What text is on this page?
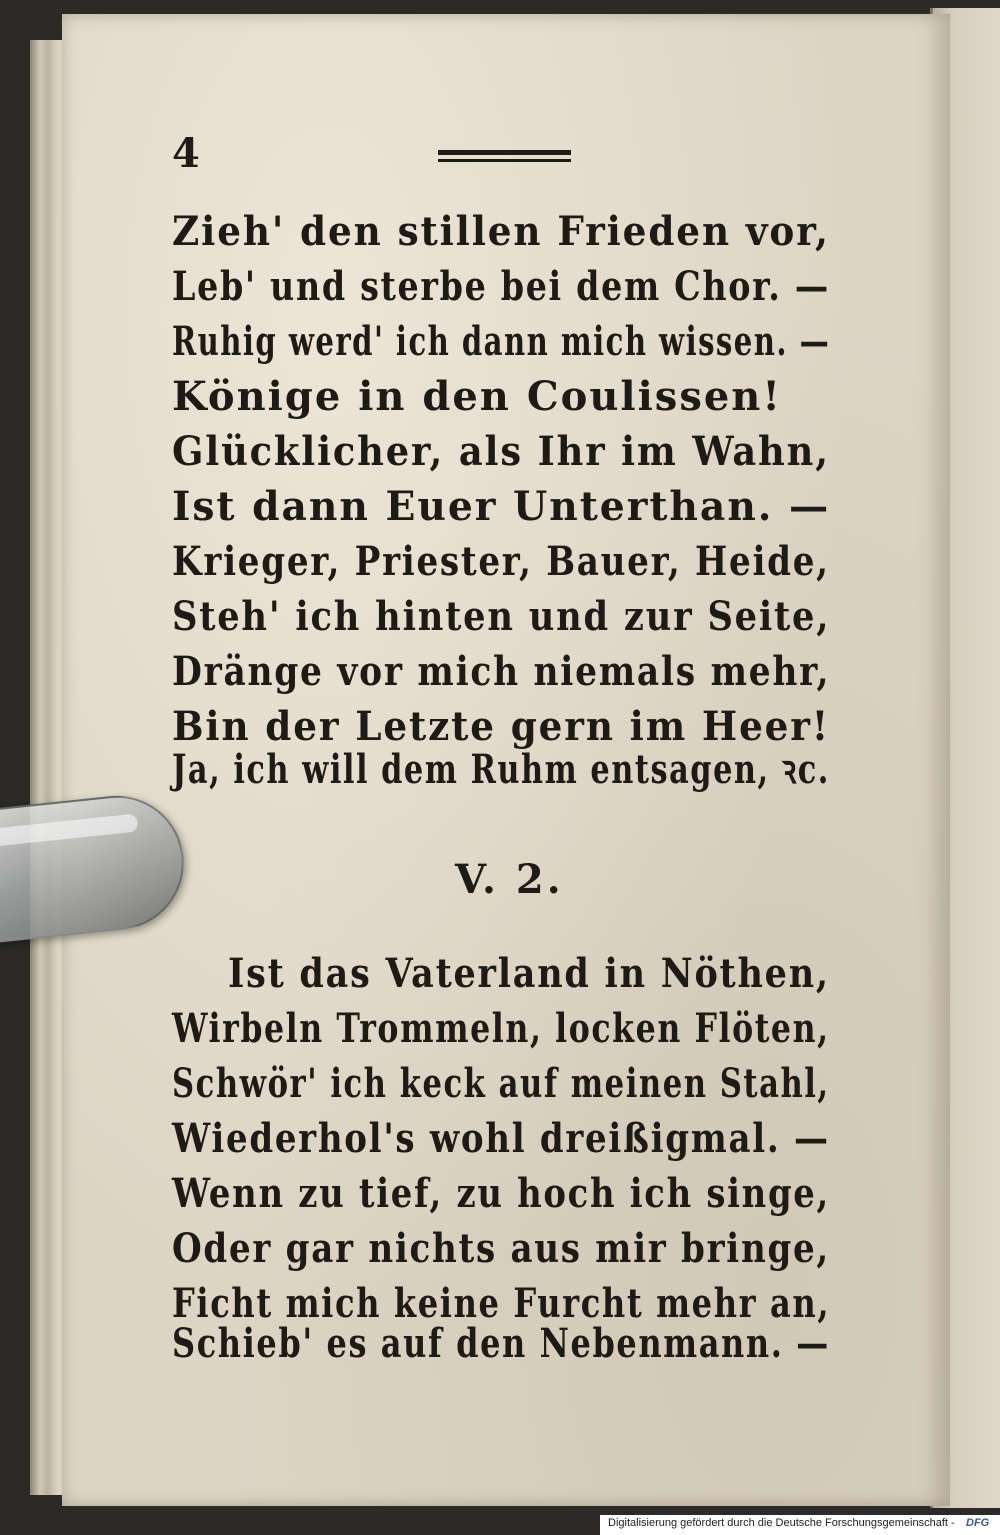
4
Zieh' den stillen Frieden vor,
Leb' und sterbe bei dem Chor. —
Ruhig werd' ich dann mich wissen. —
Könige in den Coulissen!
Glücklicher, als Ihr im Wahn,
Ist dann Euer Unterthan. —
Krieger, Priester, Bauer, Heide,
Steh' ich hinten und zur Seite,
Dränge vor mich niemals mehr,
Bin der Letzte gern im Heer!
Ja, ich will dem Ruhm entsagen, ꝛc.
V. 2.
Ist das Vaterland in Nöthen,
Wirbeln Trommeln, locken Flöten,
Schwör' ich keck auf meinen Stahl,
Wiederhol's wohl dreißigmal. —
Wenn zu tief, zu hoch ich singe,
Oder gar nichts aus mir bringe,
Ficht mich keine Furcht mehr an,
Schieb' es auf den Nebenmann. —
Digitalisierung gefördert durch die Deutsche Forschungsgemeinschaft - DFG
